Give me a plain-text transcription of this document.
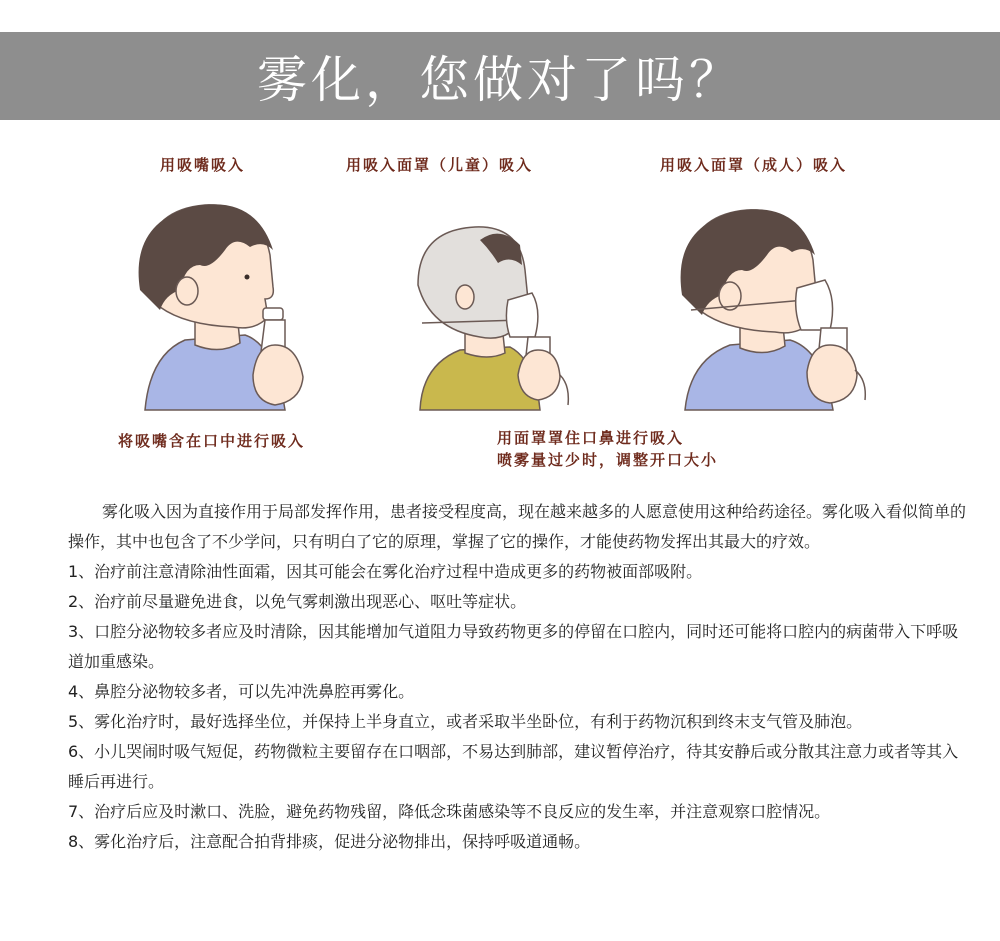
雾化，您做对了吗？
用吸嘴吸入	用吸入面罩（儿童）吸入	用吸入面罩（成人）吸入
将吸嘴含在口中进行吸入	用面罩罩住口鼻进行吸入
喷雾量过少时，调整开口大小

雾化吸入因为直接作用于局部发挥作用，患者接受程度高，现在越来越多的人愿意使用这种给药途径。雾化吸入看似简单的操作，其中也包含了不少学问，只有明白了它的原理，掌握了它的操作，才能使药物发挥出其最大的疗效。

1、治疗前注意清除油性面霜，因其可能会在雾化治疗过程中造成更多的药物被面部吸附。

2、治疗前尽量避免进食，以免气雾刺激出现恶心、呕吐等症状。

3、口腔分泌物较多者应及时清除，因其能增加气道阻力导致药物更多的停留在口腔内，同时还可能将口腔内的病菌带入下呼吸道加重感染。

4、鼻腔分泌物较多者，可以先冲洗鼻腔再雾化。

5、雾化治疗时，最好选择坐位，并保持上半身直立，或者采取半坐卧位，有利于药物沉积到终末支气管及肺泡。

6、小儿哭闹时吸气短促，药物微粒主要留存在口咽部，不易达到肺部，建议暂停治疗，待其安静后或分散其注意力或者等其入睡后再进行。

7、治疗后应及时漱口、洗脸，避免药物残留，降低念珠菌感染等不良反应的发生率，并注意观察口腔情况。

8、雾化治疗后，注意配合拍背排痰，促进分泌物排出，保持呼吸道通畅。
